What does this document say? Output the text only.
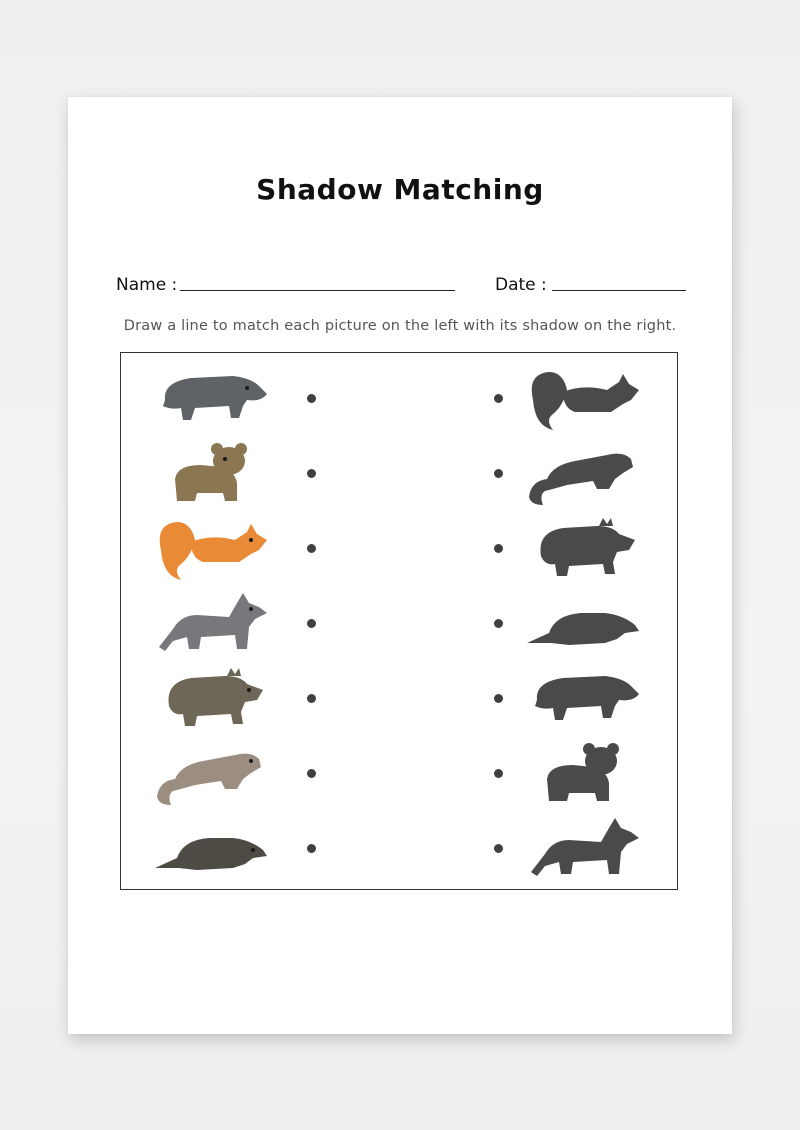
Shadow Matching
Name :	Date :
Draw a line to match each picture on the left with its shadow on the right.
